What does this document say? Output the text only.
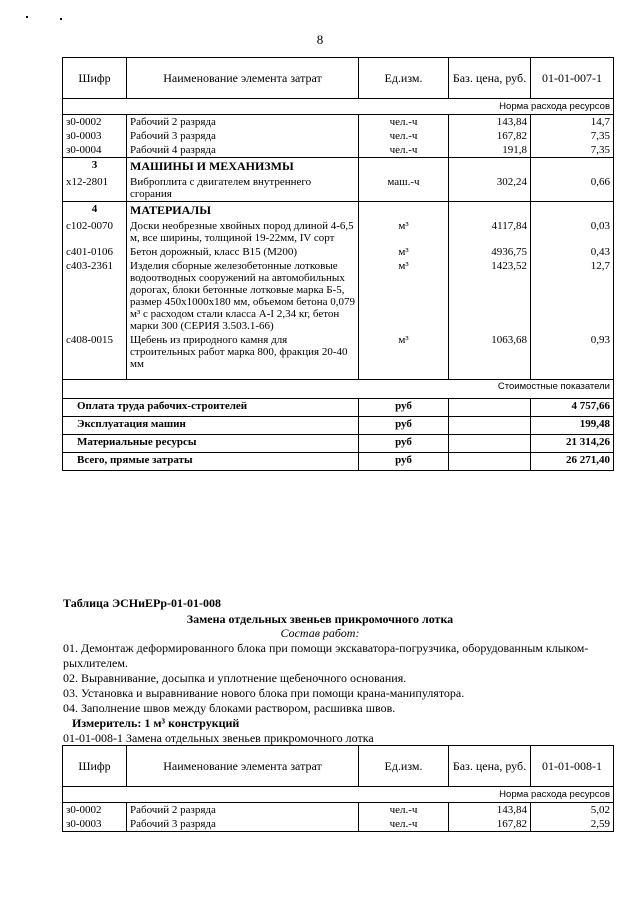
8
Шифр	Наименование элемента затрат	Ед.изм.	Баз. цена, руб.	01-01-007-1
Норма расхода ресурсов				
з0-0002	Рабочий 2 разряда	чел.-ч	143,84	14,7
з0-0003	Рабочий 3 разряда	чел.-ч	167,82	7,35
з0-0004	Рабочий 4 разряда	чел.-ч	191,8	7,35
3	МАШИНЫ И МЕХАНИЗМЫ			
х12-2801	Виброплита с двигателем внутреннего сгорания	маш.-ч	302,24	0,66
4	МАТЕРИАЛЫ			
с102-0070	Доски необрезные хвойных пород длиной 4-6,5 м, все ширины, толщиной 19-22мм, IV сорт	м³	4117,84	0,03
с401-0106	Бетон дорожный, класс В15 (М200)	м³	4936,75	0,43
с403-2361	Изделия сборные железобетонные лотковые водоотводных сооружений на автомобильных дорогах, блоки бетонные лотковые марка Б-5, размер 450х1000х180 мм, объемом бетона 0,079 м³ с расходом стали класса А-I 2,34 кг, бетон марки 300 (СЕРИЯ 3.503.1-66)	м³	1423,52	12,7
с408-0015	Щебень из природного камня для строительных работ марка 800, фракция 20-40 мм	м³	1063,68	0,93
Стоимостные показатели				
Оплата труда рабочих-строителей		руб		4 757,66
Эксплуатация машин		руб		199,48
Материальные ресурсы		руб		21 314,26
Всего, прямые затраты		руб		26 271,40
Таблица ЭСНиЕРр-01-01-008
Замена отдельных звеньев прикромочного лотка
Состав работ:
01. Демонтаж деформированного блока при помощи экскаватора-погрузчика, оборудованным клыком-рыхлителем.
02. Выравнивание, досыпка и уплотнение щебеночного основания.
03. Установка и выравнивание нового блока при помощи крана-манипулятора.
04. Заполнение швов между блоками раствором, расшивка швов.
Измеритель: 1 м³ конструкций
01-01-008-1 Замена отдельных звеньев прикромочного лотка
Шифр	Наименование элемента затрат	Ед.изм.	Баз. цена, руб.	01-01-008-1
Норма расхода ресурсов				
з0-0002	Рабочий 2 разряда	чел.-ч	143,84	5,02
з0-0003	Рабочий 3 разряда	чел.-ч	167,82	2,59
